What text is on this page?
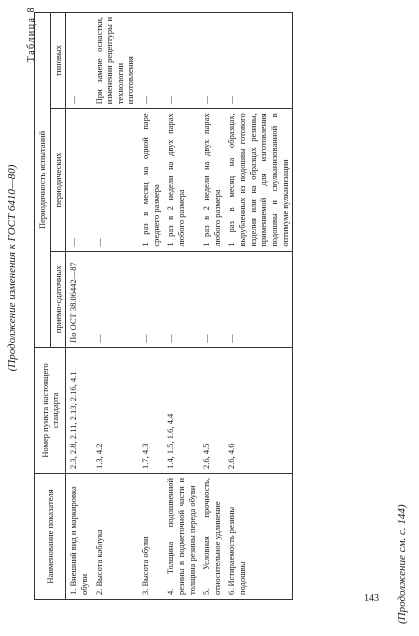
(Продолжение изменения к ГОСТ 6410—80)
Таблица 8
Наименование показателя	Номер пункта настоящего стандарта	Периодичность испытаний		
		приемо-сдаточных	периодических	типовых
1. Внешний вид и маркировка обуви	2.3, 2.8, 2.11, 2.13, 2.16, 4.1	По ОСТ 38.06442—87	—	—
2. Высота каблука	1.3, 4.2	—	—	При замене оснастки, изменении рецептуры и технологии изготовления
3. Высота обуви	1.7, 4.3	—	1 раз в месяц на одной паре среднего размера	—
4. Толщина подошвенной резины в подметочной части и толщина резины переда обуви	1.4, 1.5, 1.6, 4.4	—	1 раз в 2 недели на двух парах любого размера	—
5. Условная прочность, относительное удлинение	2.6, 4.5	—	1 раз в 2 недели на двух парах любого размера	—
6. Истираемость резины подошвы	2.6, 4.6	—	1 раз в месяц на образцах, вырубленных из подошвы готового изделия или на образцах резины, применяемой для изготовления подошвы и свулканизованной в оптимуме вулканизации	—
(Продолжение см. с. 144)
143
